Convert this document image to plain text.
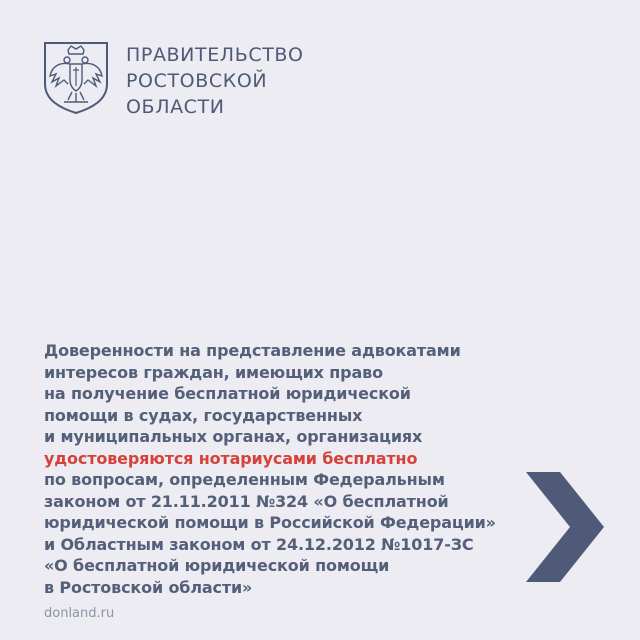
ПРАВИТЕЛЬСТВО
РОСТОВСКОЙ
ОБЛАСТИ
Доверенности на представление адвокатами
интересов граждан, имеющих право
на получение бесплатной юридической
помощи в судах, государственных
и муниципальных органах, организациях
удостоверяются нотариусами бесплатно
по вопросам, определенным Федеральным
законом от 21.11.2011 №324 «О бесплатной
юридической помощи в Российской Федерации»
и Областным законом от 24.12.2012 №1017-ЗС
«О бесплатной юридической помощи
в Ростовской области»
donland.ru
